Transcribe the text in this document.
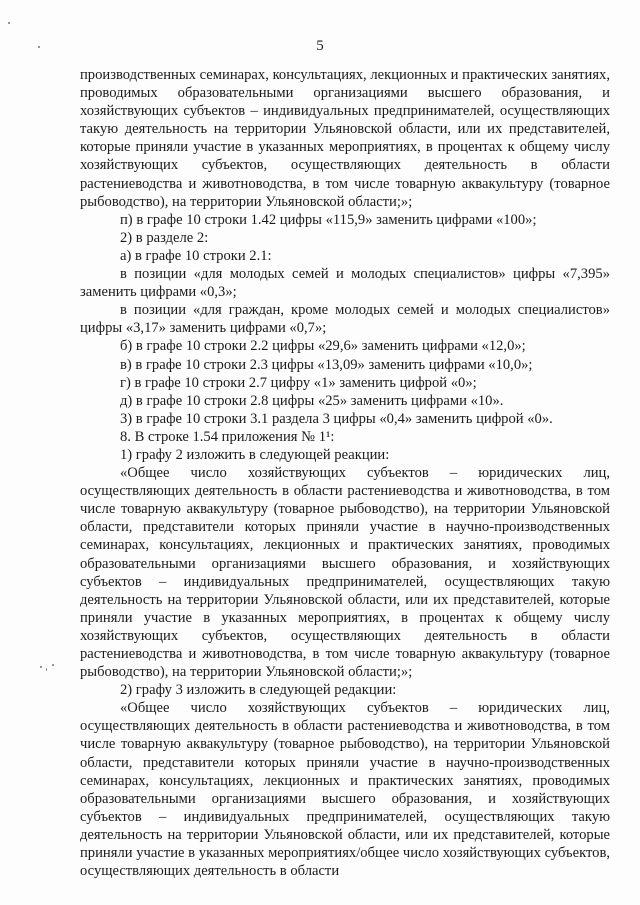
5

производственных семинарах, консультациях, лекционных и практических занятиях, проводимых образовательными организациями высшего образования, и хозяйствующих субъектов – индивидуальных предпринимателей, осуществляющих такую деятельность на территории Ульяновской области, или их представителей, которые приняли участие в указанных мероприятиях, в процентах к общему числу хозяйствующих субъектов, осуществляющих деятельность в области растениеводства и животноводства, в том числе товарную аквакультуру (товарное рыбоводство), на территории Ульяновской области;»;

п) в графе 10 строки 1.42 цифры «115,9» заменить цифрами «100»;

2) в разделе 2:

а) в графе 10 строки 2.1:

в позиции «для молодых семей и молодых специалистов» цифры «7,395» заменить цифрами «0,3»;

в позиции «для граждан, кроме молодых семей и молодых специалистов» цифры «3,17» заменить цифрами «0,7»;

б) в графе 10 строки 2.2 цифры «29,6» заменить цифрами «12,0»;

в) в графе 10 строки 2.3 цифры «13,09» заменить цифрами «10,0»;

г) в графе 10 строки 2.7 цифру «1» заменить цифрой «0»;

д) в графе 10 строки 2.8 цифры «25» заменить цифрами «10».

3) в графе 10 строки 3.1 раздела 3 цифры «0,4» заменить цифрой «0».

8. В строке 1.54 приложения № 1¹:

1) графу 2 изложить в следующей реакции:

«Общее число хозяйствующих субъектов – юридических лиц, осуществляющих деятельность в области растениеводства и животноводства, в том числе товарную аквакультуру (товарное рыбоводство), на территории Ульяновской области, представители которых приняли участие в научно-производственных семинарах, консультациях, лекционных и практических занятиях, проводимых образовательными организациями высшего образования, и хозяйствующих субъектов – индивидуальных предпринимателей, осуществляющих такую деятельность на территории Ульяновской области, или их представителей, которые приняли участие в указанных мероприятиях, в процентах к общему числу хозяйствующих субъектов, осуществляющих деятельность в области растениеводства и животноводства, в том числе товарную аквакультуру (товарное рыбоводство), на территории Ульяновской области;»;

2) графу 3 изложить в следующей редакции:

«Общее число хозяйствующих субъектов – юридических лиц, осуществляющих деятельность в области растениеводства и животноводства, в том числе товарную аквакультуру (товарное рыбоводство), на территории Ульяновской области, представители которых приняли участие в научно-производственных семинарах, консультациях, лекционных и практических занятиях, проводимых образовательными организациями высшего образования, и хозяйствующих субъектов – индивидуальных предпринимателей, осуществляющих такую деятельность на территории Ульяновской области, или их представителей, которые приняли участие в указанных мероприятиях/общее число хозяйствующих субъектов, осуществляющих деятельность в области
